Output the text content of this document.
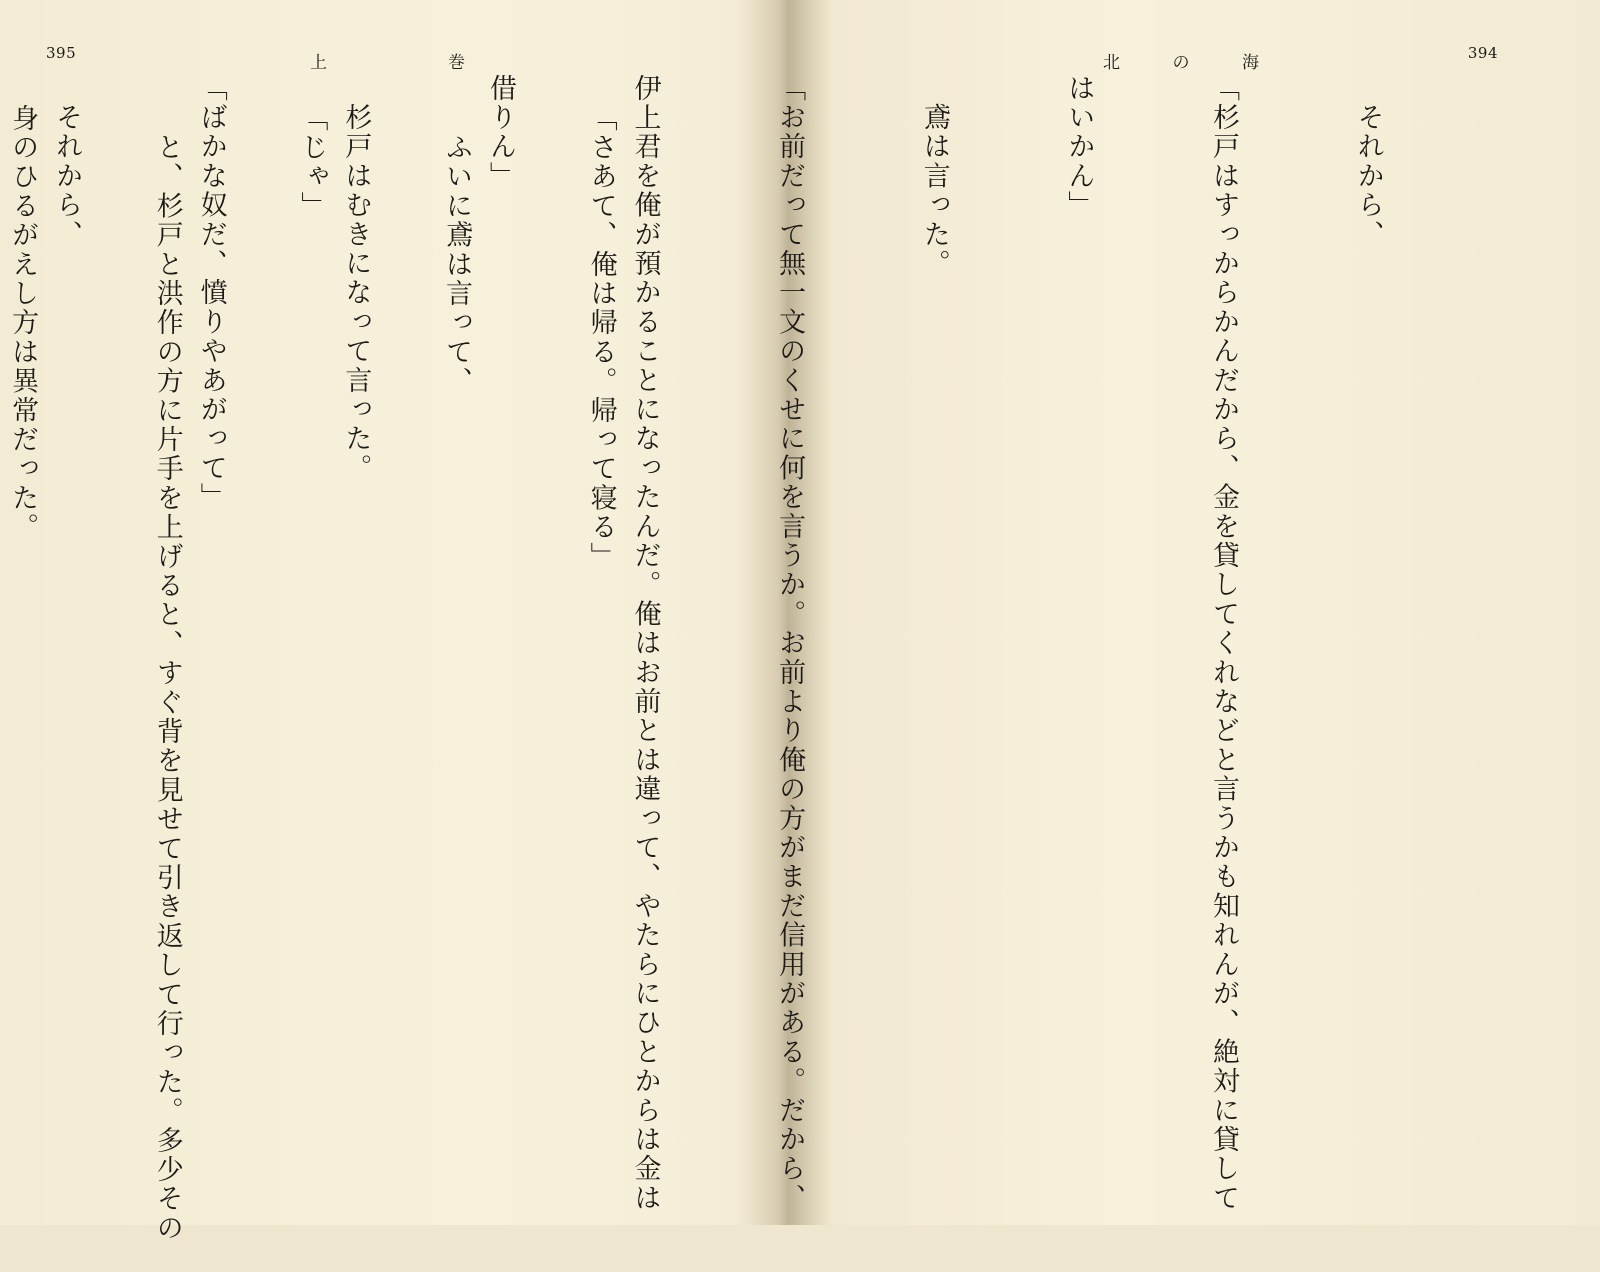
394
北	の	海

　それから、

「杉戸はすっからかんだから、金を貸してくれなどと言うかも知れんが、絶対に貸して

はいかん」

　鳶は言った。

「お前だって無一文のくせに何を言うか。お前より俺の方がまだ信用がある。だから、

伊上君を俺が預かることになったんだ。俺はお前とは違って、やたらにひとからは金は

借りん」

　杉戸はむきになって言った。

「ばかな奴だ、憤りやあがって」

　それから、

395	上	巻

「さあて、俺は帰る。帰って寝る」

　ふいに鳶は言って、

「じゃ」

　と、杉戸と洪作の方に片手を上げると、すぐ背を見せて引き返して行った。多少その

身のひるがえし方は異常だった。
